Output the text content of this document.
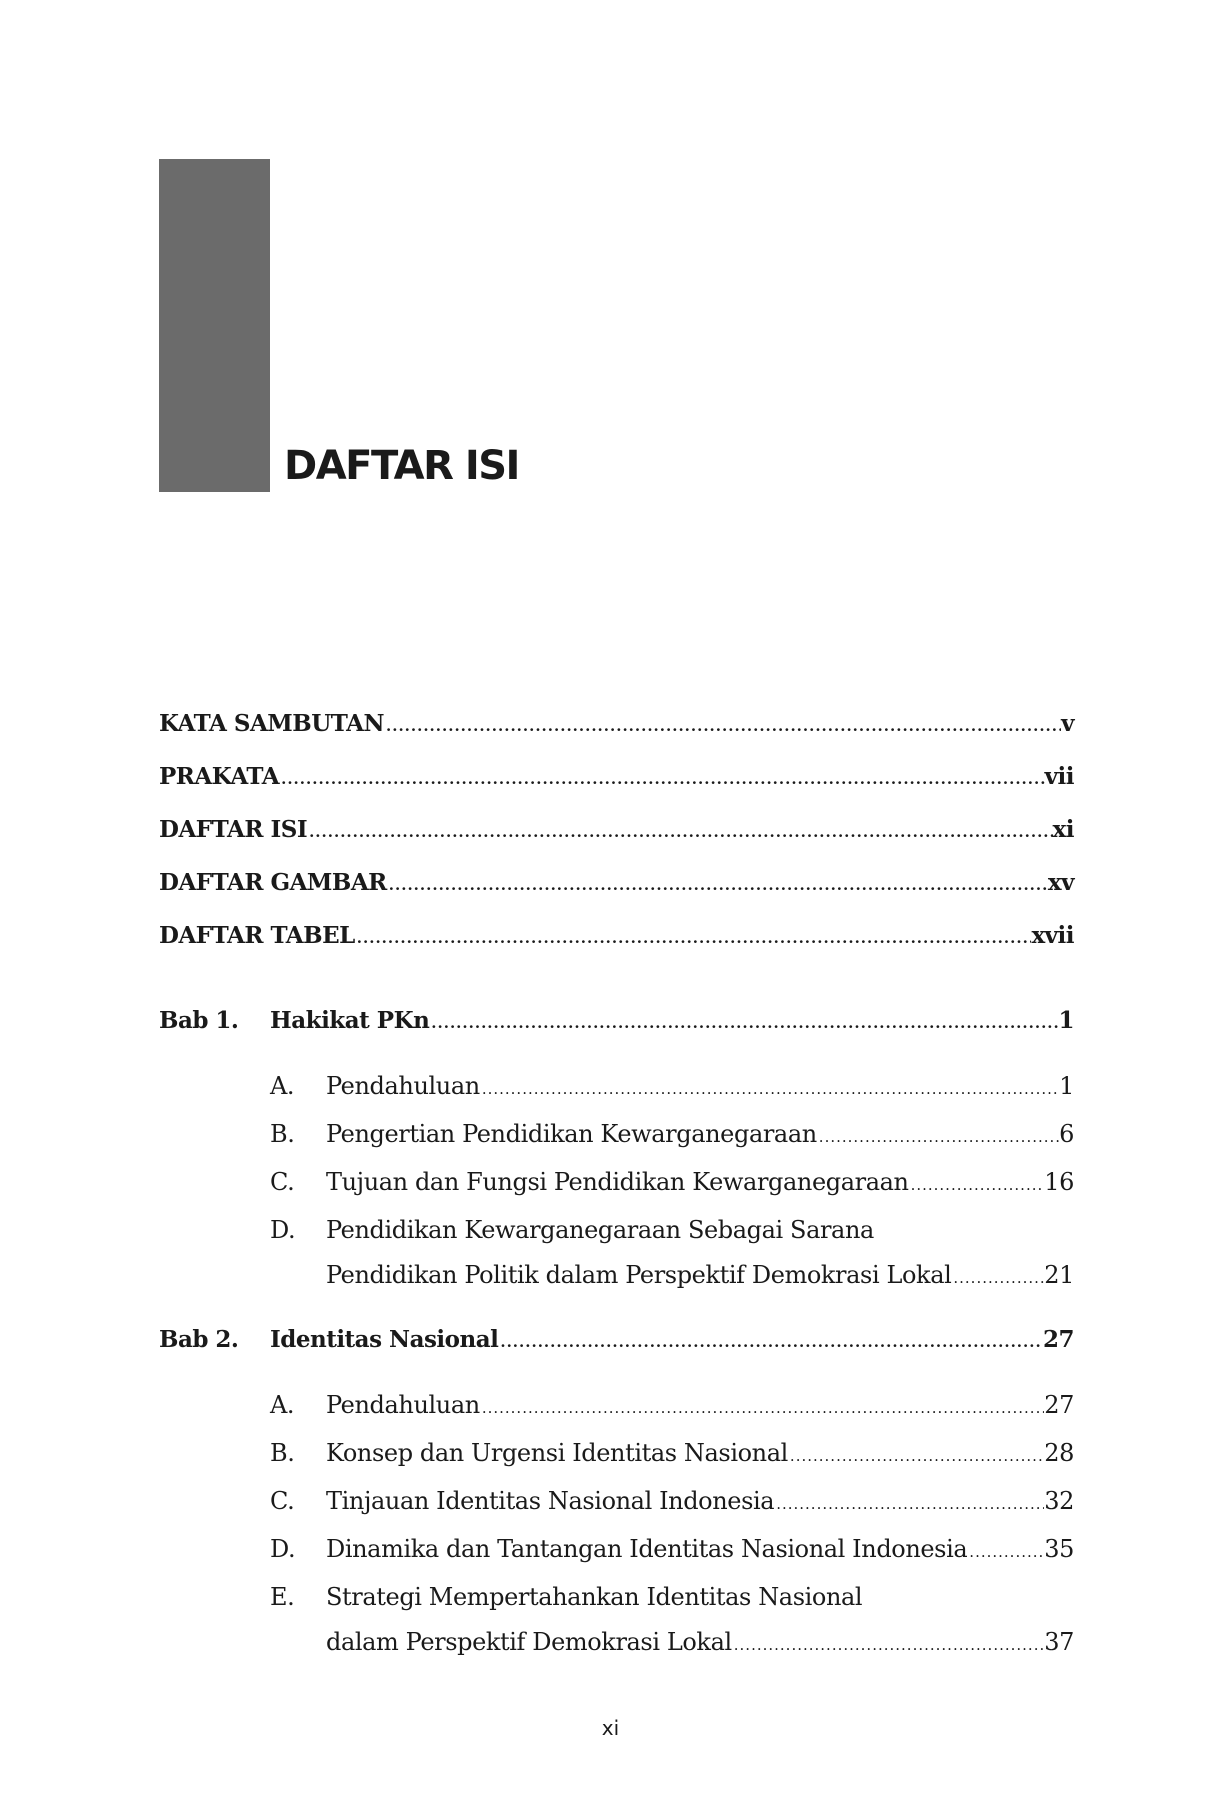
DAFTAR ISI
KATA SAMBUTAN .....	v
PRAKATA .....	vii
DAFTAR ISI .....	xi
DAFTAR GAMBAR .....	xv
DAFTAR TABEL .....	xvii
Bab 1.	Hakikat PKn .....	1
A.	Pendahuluan .....	1
B.	Pengertian Pendidikan Kewarganegaraan .....	6
C.	Tujuan dan Fungsi Pendidikan Kewarganegaraan .....	16
D.	Pendidikan Kewarganegaraan Sebagai Sarana
Pendidikan Politik dalam Perspektif Demokrasi Lokal .....	21
Bab 2.	Identitas Nasional .....	27
A.	Pendahuluan .....	27
B.	Konsep dan Urgensi Identitas Nasional .....	28
C.	Tinjauan Identitas Nasional Indonesia .....	32
D.	Dinamika dan Tantangan Identitas Nasional Indonesia .....	35
E.	Strategi Mempertahankan Identitas Nasional
dalam Perspektif Demokrasi Lokal .....	37
xi
